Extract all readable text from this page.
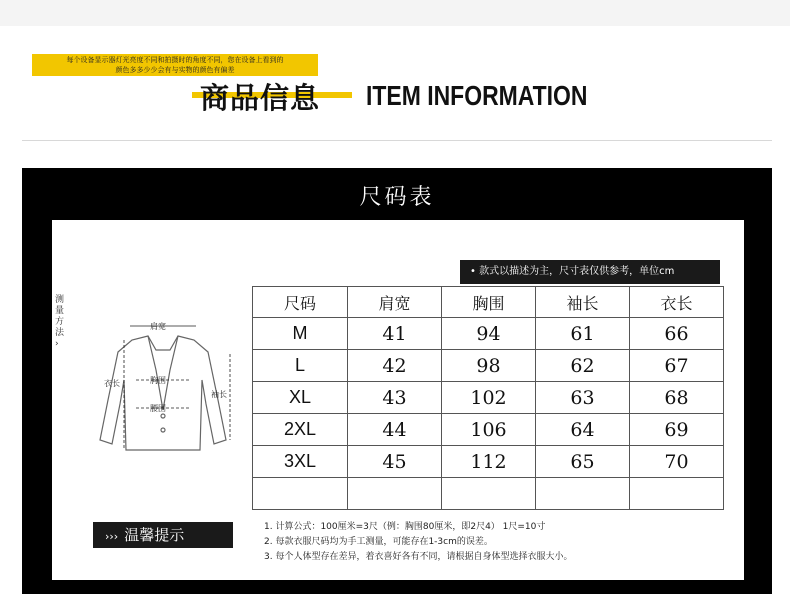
商品信息 ITEM INFORMATION
尺码表
每个设备显示器灯光亮度不同和拍摄时的角度不同，您在设备上看到的
颜色多多少少会有与实物的颜色有偏差
• 款式以描述为主，尺寸表仅供参考，单位cm
测量方法 ›
肩宽
胸围
腰围
衣长
袖长
尺码	肩宽	胸围	袖长	衣长
M	41	94	61	66
L	42	98	62	67
XL	43	102	63	68
2XL	44	106	64	69
3XL	45	112	65	70

››› 温馨提示	1. 计算公式：100厘米=3尺（例：胸围80厘米，即2尺4） 1尺=10寸
2. 每款衣服尺码均为手工测量，可能存在1-3cm的误差。
3. 每个人体型存在差异，着衣喜好各有不同，请根据自身体型选择衣服大小。
